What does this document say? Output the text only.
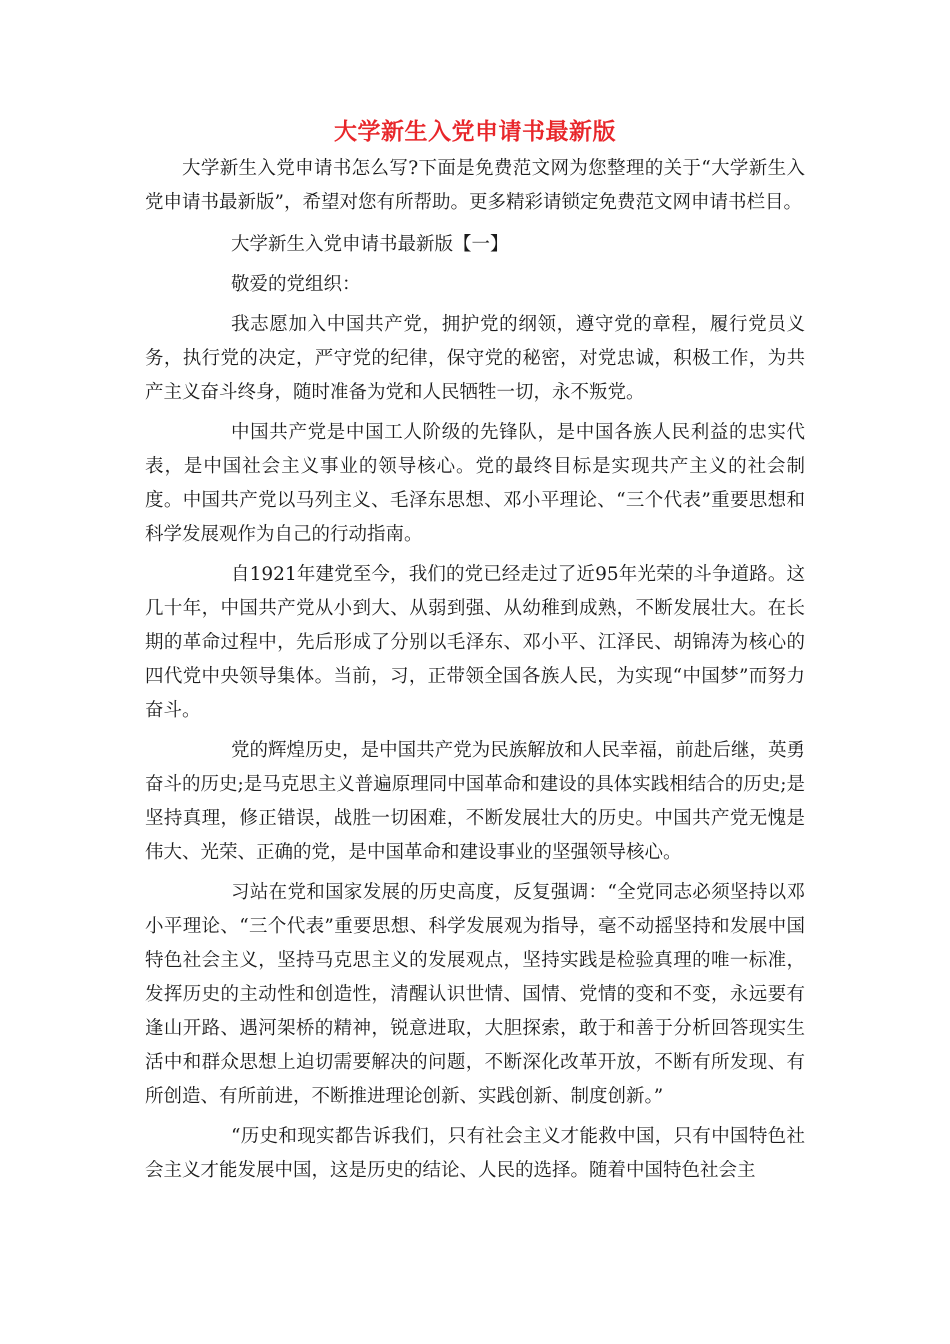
大学新生入党申请书最新版
大学新生入党申请书怎么写?下面是免费范文网为您整理的关于“大学新生入党申请书最新版”，希望对您有所帮助。更多精彩请锁定免费范文网申请书栏目。
大学新生入党申请书最新版【一】
敬爱的党组织：
我志愿加入中国共产党，拥护党的纲领，遵守党的章程，履行党员义务，执行党的决定，严守党的纪律，保守党的秘密，对党忠诚，积极工作，为共产主义奋斗终身，随时准备为党和人民牺牲一切，永不叛党。
中国共产党是中国工人阶级的先锋队，是中国各族人民利益的忠实代表，是中国社会主义事业的领导核心。党的最终目标是实现共产主义的社会制度。中国共产党以马列主义、毛泽东思想、邓小平理论、“三个代表”重要思想和科学发展观作为自己的行动指南。
自1921年建党至今，我们的党已经走过了近95年光荣的斗争道路。这几十年，中国共产党从小到大、从弱到强、从幼稚到成熟，不断发展壮大。在长期的革命过程中，先后形成了分别以毛泽东、邓小平、江泽民、胡锦涛为核心的四代党中央领导集体。当前，习，正带领全国各族人民，为实现“中国梦”而努力奋斗。
党的辉煌历史，是中国共产党为民族解放和人民幸福，前赴后继，英勇奋斗的历史;是马克思主义普遍原理同中国革命和建设的具体实践相结合的历史;是坚持真理，修正错误，战胜一切困难，不断发展壮大的历史。中国共产党无愧是伟大、光荣、正确的党，是中国革命和建设事业的坚强领导核心。
习站在党和国家发展的历史高度，反复强调：“全党同志必须坚持以邓小平理论、“三个代表”重要思想、科学发展观为指导，毫不动摇坚持和发展中国特色社会主义，坚持马克思主义的发展观点，坚持实践是检验真理的唯一标准，发挥历史的主动性和创造性，清醒认识世情、国情、党情的变和不变，永远要有逢山开路、遇河架桥的精神，锐意进取，大胆探索，敢于和善于分析回答现实生活中和群众思想上迫切需要解决的问题，不断深化改革开放，不断有所发现、有所创造、有所前进，不断推进理论创新、实践创新、制度创新。”
“历史和现实都告诉我们，只有社会主义才能救中国，只有中国特色社会主义才能发展中国，这是历史的结论、人民的选择。随着中国特色社会主
